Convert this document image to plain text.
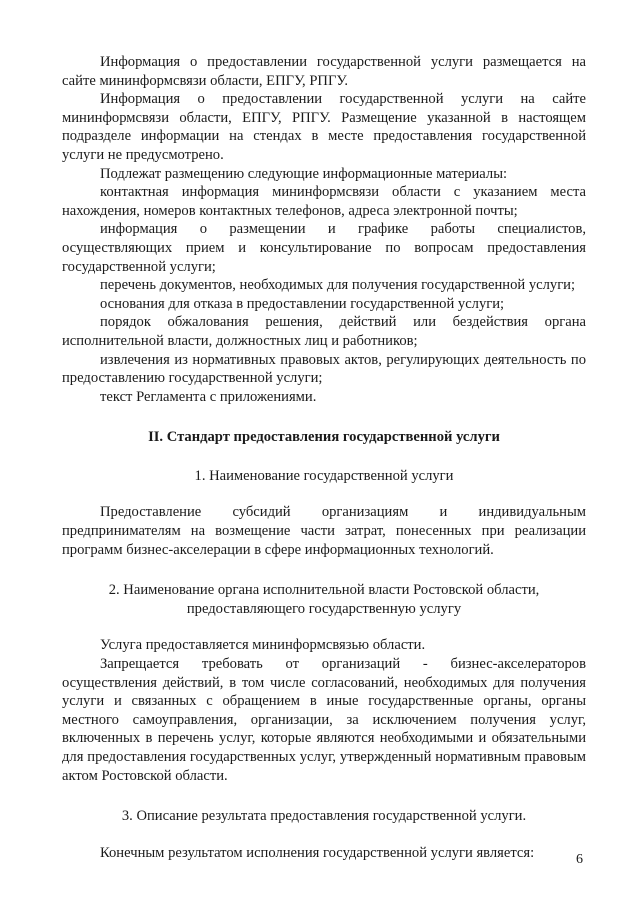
Информация о предоставлении государственной услуги размещается на сайте мининформсвязи области, ЕПГУ, РПГУ.

Информация о предоставлении государственной услуги на сайте мининформсвязи области, ЕПГУ, РПГУ. Размещение указанной в настоящем подразделе информации на стендах в месте предоставления государственной услуги не предусмотрено.

Подлежат размещению следующие информационные материалы:

контактная информация мининформсвязи области с указанием места нахождения, номеров контактных телефонов, адреса электронной почты;

информация о размещении и графике работы специалистов, осуществляющих прием и консультирование по вопросам предоставления государственной услуги;

перечень документов, необходимых для получения государственной услуги;

основания для отказа в предоставлении государственной услуги;

порядок обжалования решения, действий или бездействия органа исполнительной власти, должностных лиц и работников;

извлечения из нормативных правовых актов, регулирующих деятельность по предоставлению государственной услуги;

текст Регламента с приложениями.

II. Стандарт предоставления государственной услуги
1. Наименование государственной услуги

Предоставление субсидий организациям и индивидуальным предпринимателям на возмещение части затрат, понесенных при реализации программ бизнес-акселерации в сфере информационных технологий.

2. Наименование органа исполнительной власти Ростовской области,
предоставляющего государственную услугу

Услуга предоставляется мининформсвязью области.

Запрещается требовать от организаций - бизнес-акселераторов осуществления действий, в том числе согласований, необходимых для получения услуги и связанных с обращением в иные государственные органы, органы местного самоуправления, организации, за исключением получения услуг, включенных в перечень услуг, которые являются необходимыми и обязательными для предоставления государственных услуг, утвержденный нормативным правовым актом Ростовской области.

3. Описание результата предоставления государственной услуги.

Конечным результатом исполнения государственной услуги является:	6
